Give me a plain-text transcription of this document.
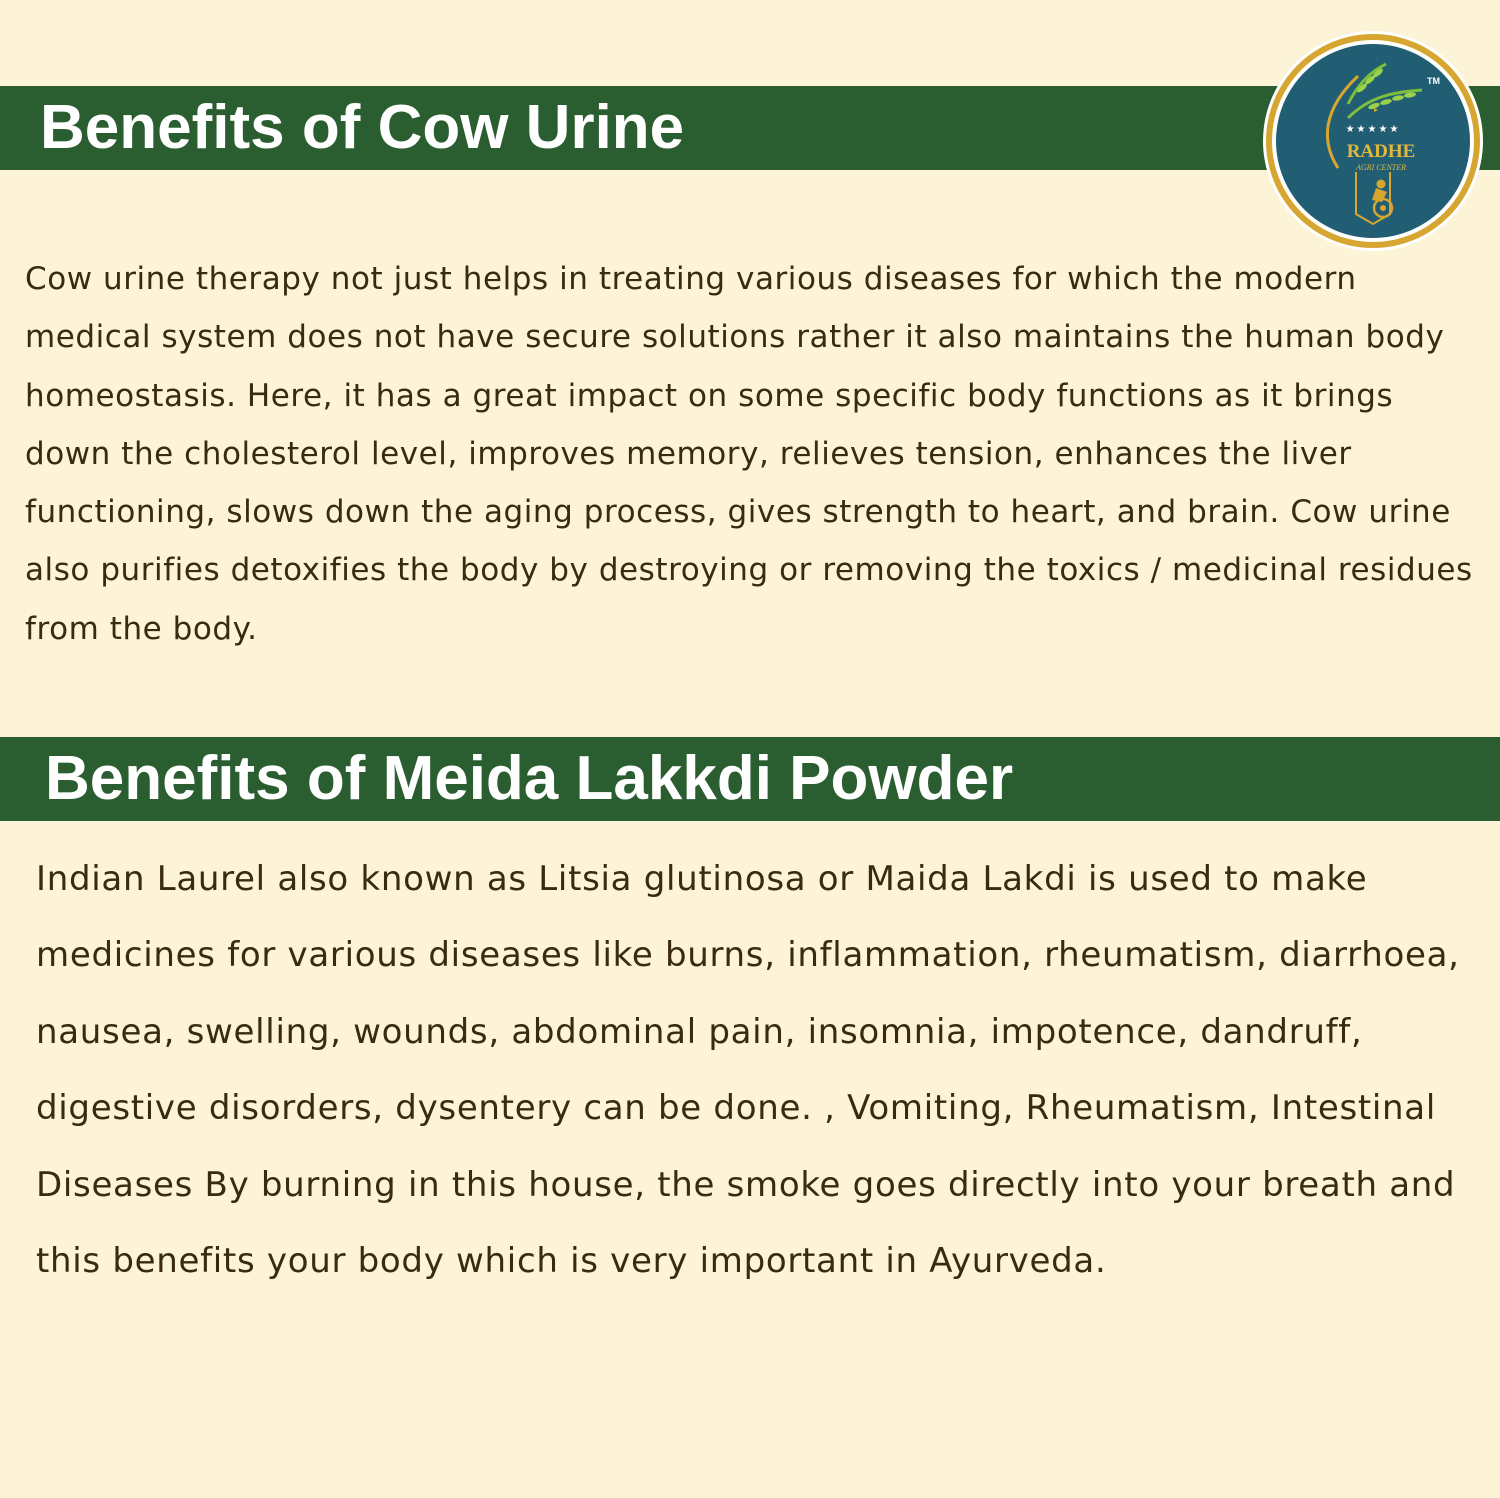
Benefits of Cow Urine

Cow urine therapy not just helps in treating various diseases for which the modern medical system does not have secure solutions rather it also maintains the human body homeostasis. Here, it has a great impact on some specific body functions as it brings down the cholesterol level, improves memory, relieves tension, enhances the liver functioning, slows down the aging process, gives strength to heart, and brain. Cow urine also purifies detoxifies the body by destroying or removing the toxics / medicinal residues from the body.

Benefits of Meida Lakkdi Powder

Indian Laurel also known as Litsia glutinosa or Maida Lakdi is used to make medicines for various diseases like burns, inflammation, rheumatism, diarrhoea, nausea, swelling, wounds, abdominal pain, insomnia, impotence, dandruff, digestive disorders, dysentery can be done. , Vomiting, Rheumatism, Intestinal Diseases By burning in this house, the smoke goes directly into your breath and this benefits your body which is very important in Ayurveda.

★★★★★
RADHE
AGRI CENTER
TM
